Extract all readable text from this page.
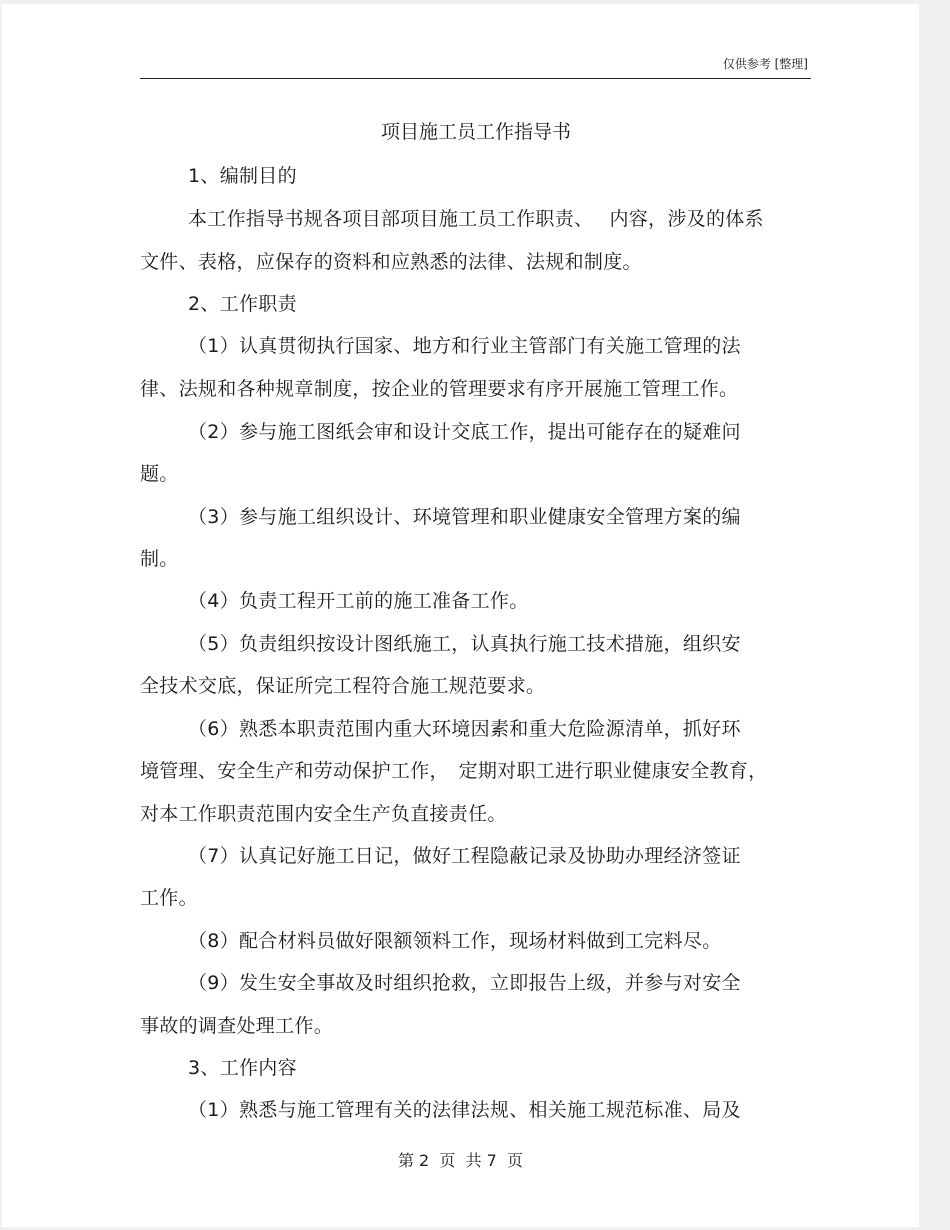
仅供参考 [整理]
项目施工员工作指导书
1、编制目的
本工作指导书规各项目部项目施工员工作职责、　 内容，涉及的体系
文件、表格，应保存的资料和应熟悉的法律、法规和制度。
2、工作职责
（1）认真贯彻执行国家、地方和行业主管部门有关施工管理的法
律、法规和各种规章制度，按企业的管理要求有序开展施工管理工作。
（2）参与施工图纸会审和设计交底工作，提出可能存在的疑难问
题。
（3）参与施工组织设计、环境管理和职业健康安全管理方案的编
制。
（4）负责工程开工前的施工准备工作。
（5）负责组织按设计图纸施工，认真执行施工技术措施，组织安
全技术交底，保证所完工程符合施工规范要求。
（6）熟悉本职责范围内重大环境因素和重大危险源清单，抓好环
境管理、安全生产和劳动保护工作，　定期对职工进行职业健康安全教育，
对本工作职责范围内安全生产负直接责任。
（7）认真记好施工日记，做好工程隐蔽记录及协助办理经济签证
工作。
（8）配合材料员做好限额领料工作，现场材料做到工完料尽。
（9）发生安全事故及时组织抢救，立即报告上级，并参与对安全
事故的调查处理工作。
3、工作内容
（1）熟悉与施工管理有关的法律法规、相关施工规范标准、局及
第 2  页  共 7  页
